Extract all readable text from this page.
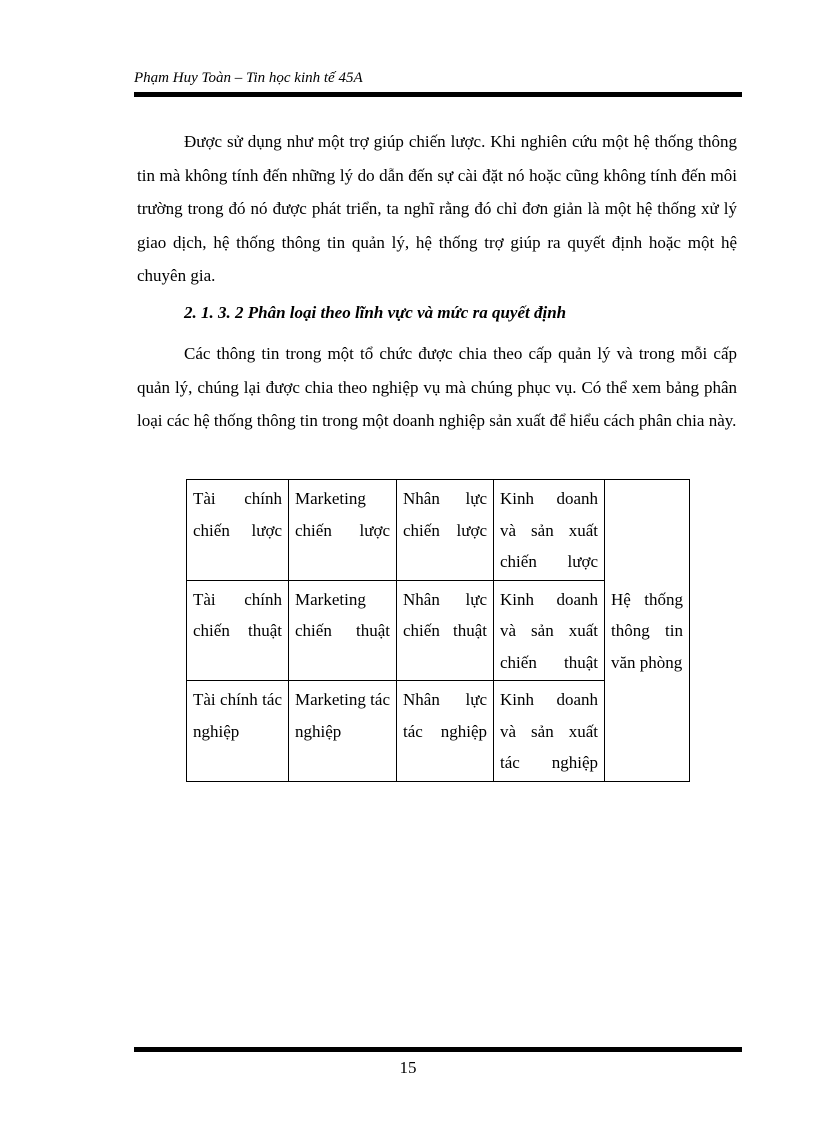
Phạm Huy Toàn – Tin học kinh tế 45A

Được sử dụng như một trợ giúp chiến lược. Khi nghiên cứu một hệ thống thông tin mà không tính đến những lý do dẫn đến sự cài đặt nó hoặc cũng không tính đến môi trường trong đó nó được phát triển, ta nghĩ rằng đó chỉ đơn giản là một hệ thống xử lý giao dịch, hệ thống thông tin quản lý, hệ thống trợ giúp ra quyết định hoặc một hệ chuyên gia.

2. 1. 3. 2 Phân loại theo lĩnh vực và mức ra quyết định

Các thông tin trong một tổ chức được chia theo cấp quản lý và trong mỗi cấp quản lý, chúng lại được chia theo nghiệp vụ mà chúng phục vụ. Có thể xem bảng phân loại các hệ thống thông tin trong một doanh nghiệp sản xuất để hiểu cách phân chia này.

Tài chính chiến lược	Marketing chiến lược	Nhân lực chiến lược	Kinh doanh và sản xuất chiến lược	Hệ thống thông tin văn phòng
Tài chính chiến thuật	Marketing chiến thuật	Nhân lực chiến thuật	Kinh doanh và sản xuất chiến thuật	
Tài chính tác nghiệp	Marketing tác nghiệp	Nhân lực tác nghiệp	Kinh doanh và sản xuất tác nghiệp	
15
